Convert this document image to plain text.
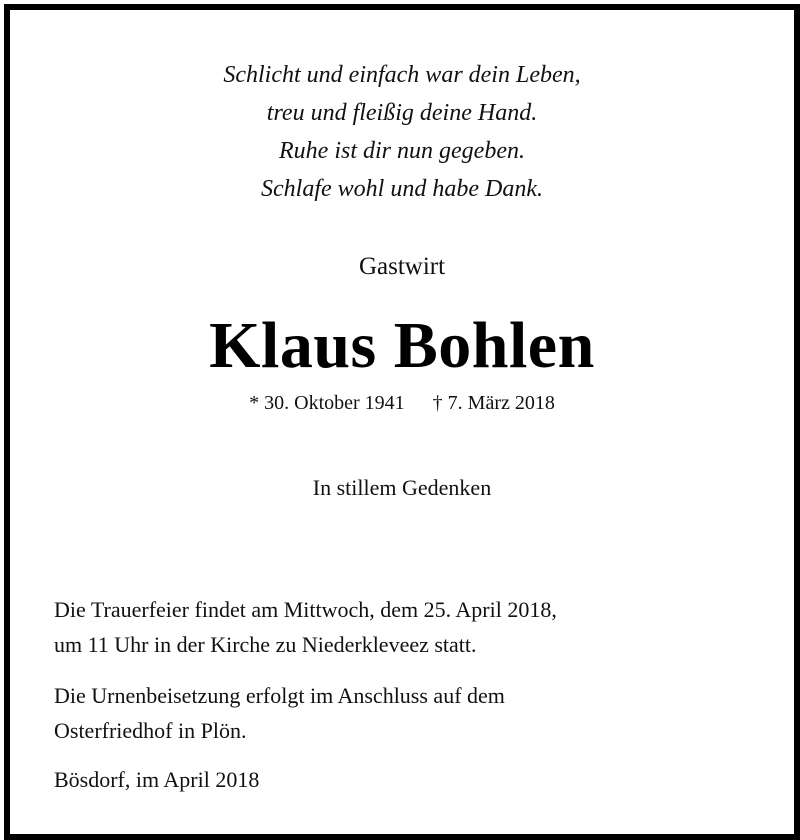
Schlicht und einfach war dein Leben,
treu und fleißig deine Hand.
Ruhe ist dir nun gegeben.
Schlafe wohl und habe Dank.
Gastwirt
Klaus Bohlen
* 30. Oktober 1941 † 7. März 2018
In stillem Gedenken
Die Trauerfeier findet am Mittwoch, dem 25. April 2018,
um 11 Uhr in der Kirche zu Niederkleveez statt.
Die Urnenbeisetzung erfolgt im Anschluss auf dem
Osterfriedhof in Plön.
Bösdorf, im April 2018
